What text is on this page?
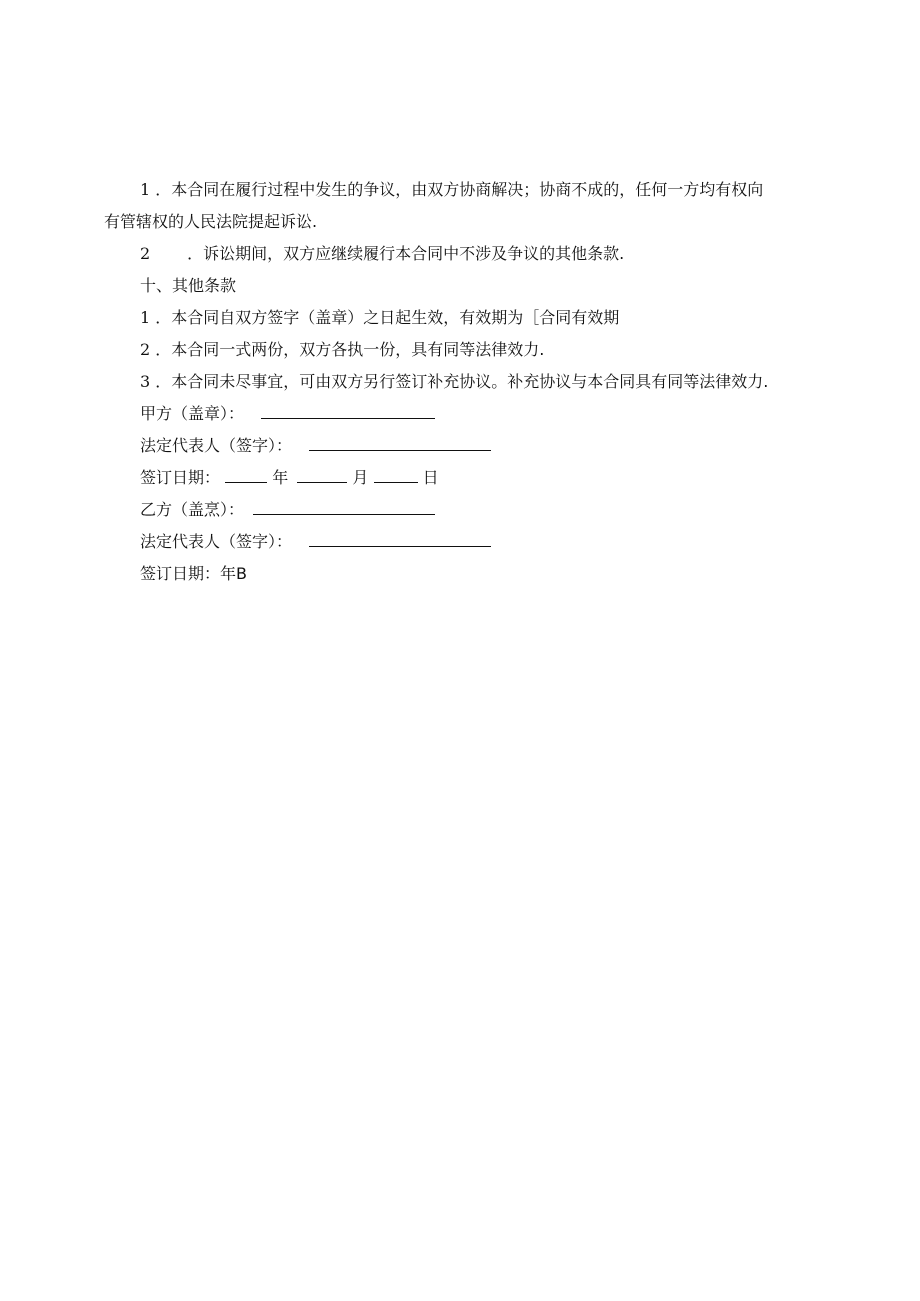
1 ．本合同在履行过程中发生的争议，由双方协商解决；协商不成的，任何一方均有权向
有管辖权的人民法院提起诉讼.
2 ．诉讼期间，双方应继续履行本合同中不涉及争议的其他条款.
十、其他条款
1 ．本合同自双方签字（盖章）之日起生效，有效期为［合同有效期
2 ．本合同一式两份，双方各执一份，具有同等法律效力.
3 ．本合同未尽事宜，可由双方另行签订补充协议。补充协议与本合同具有同等法律效力.
甲方（盖章）：
法定代表人（签字）：
签订日期：	年	月	日
乙方（盖烹）：
法定代表人（签字）：
签订日期：年B
